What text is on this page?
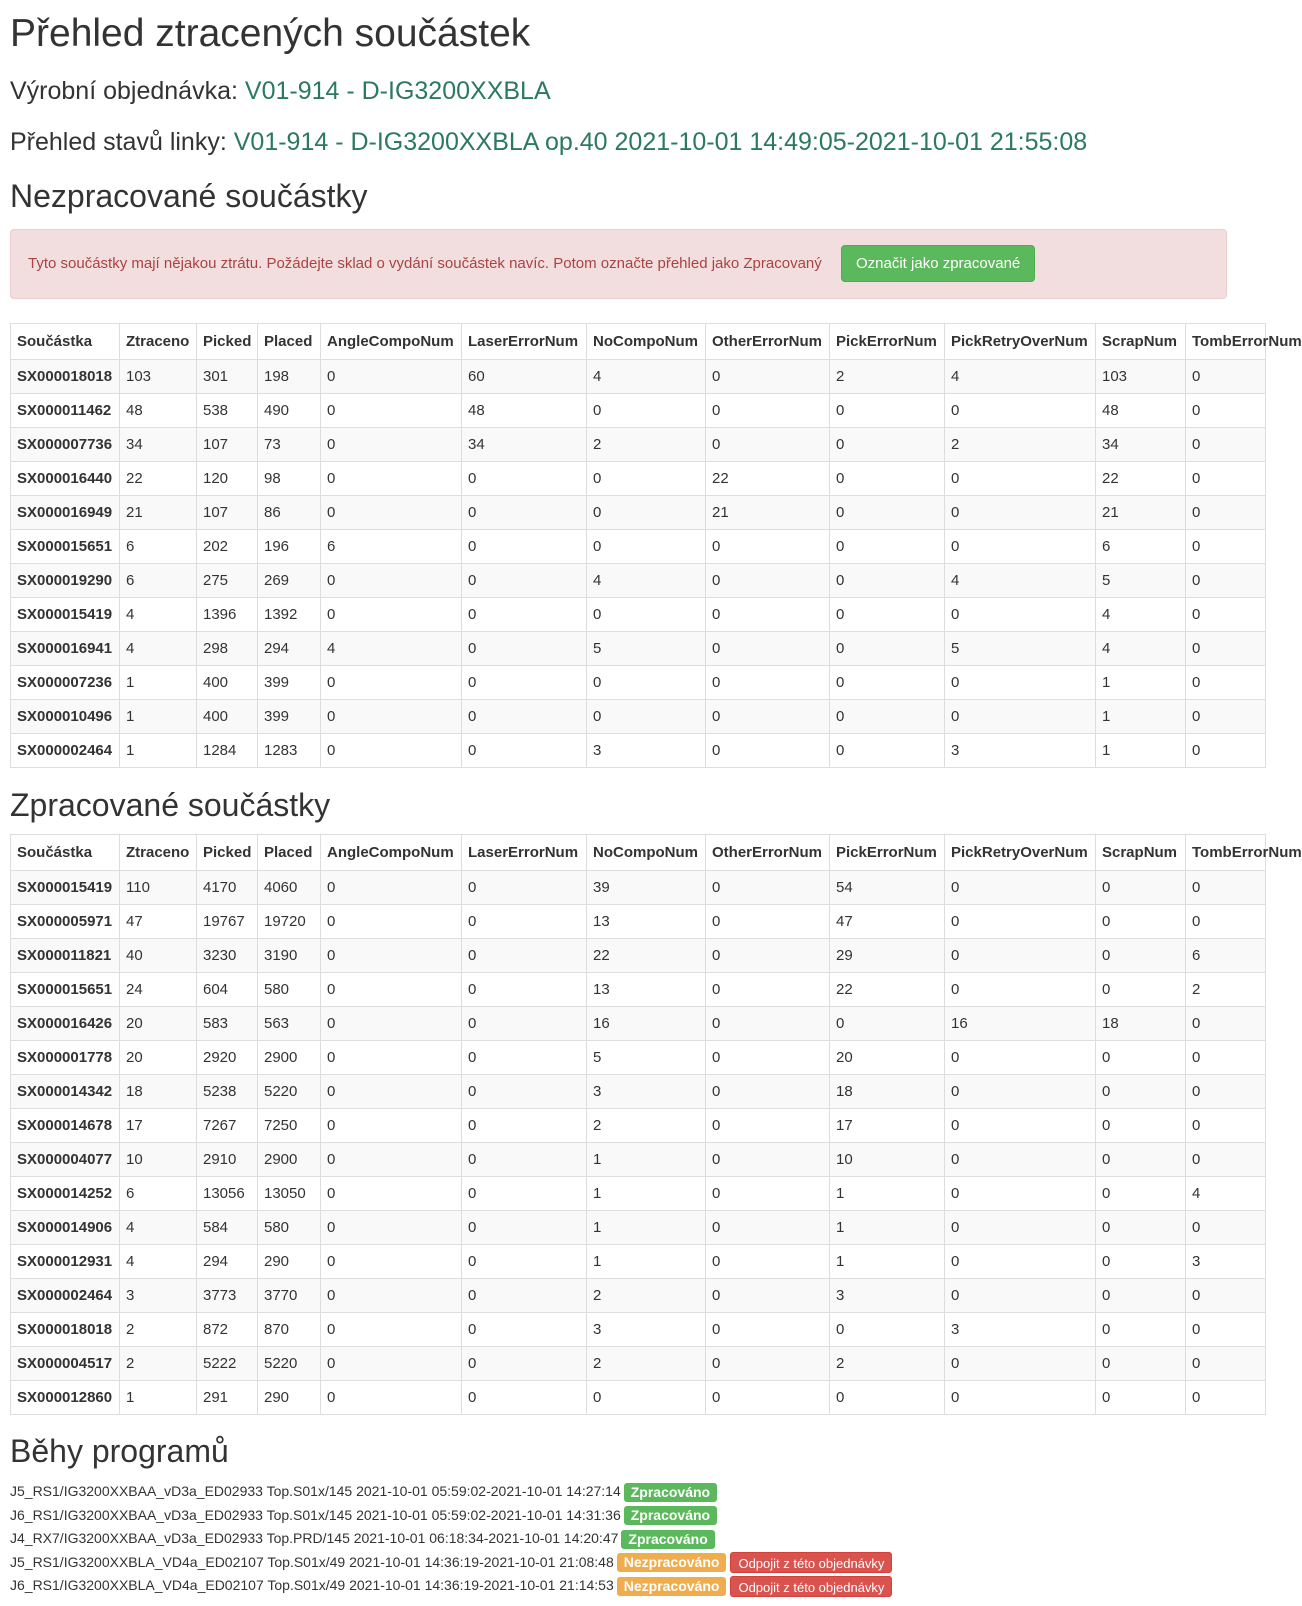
Přehled ztracených součástek

Výrobní objednávka: V01-914 - D-IG3200XXBLA

Přehled stavů linky: V01-914 - D-IG3200XXBLA op.40 2021-10-01 14:49:05-2021-10-01 21:55:08

Nezpracované součástky
Tyto součástky mají nějakou ztrátu. Požádejte sklad o vydání součástek navíc. Potom označte přehled jako Zpracovaný	Označit jako zpracované
Součástka	Ztraceno	Picked	Placed	AngleCompoNum	LaserErrorNum	NoCompoNum	OtherErrorNum	PickErrorNum	PickRetryOverNum	ScrapNum	TombErrorNum
SX000018018	103	301	198	0	60	4	0	2	4	103	0
SX000011462	48	538	490	0	48	0	0	0	0	48	0
SX000007736	34	107	73	0	34	2	0	0	2	34	0
SX000016440	22	120	98	0	0	0	22	0	0	22	0
SX000016949	21	107	86	0	0	0	21	0	0	21	0
SX000015651	6	202	196	6	0	0	0	0	0	6	0
SX000019290	6	275	269	0	0	4	0	0	4	5	0
SX000015419	4	1396	1392	0	0	0	0	0	0	4	0
SX000016941	4	298	294	4	0	5	0	0	5	4	0
SX000007236	1	400	399	0	0	0	0	0	0	1	0
SX000010496	1	400	399	0	0	0	0	0	0	1	0
SX000002464	1	1284	1283	0	0	3	0	0	3	1	0
Zpracované součástky
Součástka	Ztraceno	Picked	Placed	AngleCompoNum	LaserErrorNum	NoCompoNum	OtherErrorNum	PickErrorNum	PickRetryOverNum	ScrapNum	TombErrorNum
SX000015419	110	4170	4060	0	0	39	0	54	0	0	0
SX000005971	47	19767	19720	0	0	13	0	47	0	0	0
SX000011821	40	3230	3190	0	0	22	0	29	0	0	6
SX000015651	24	604	580	0	0	13	0	22	0	0	2
SX000016426	20	583	563	0	0	16	0	0	16	18	0
SX000001778	20	2920	2900	0	0	5	0	20	0	0	0
SX000014342	18	5238	5220	0	0	3	0	18	0	0	0
SX000014678	17	7267	7250	0	0	2	0	17	0	0	0
SX000004077	10	2910	2900	0	0	1	0	10	0	0	0
SX000014252	6	13056	13050	0	0	1	0	1	0	0	4
SX000014906	4	584	580	0	0	1	0	1	0	0	0
SX000012931	4	294	290	0	0	1	0	1	0	0	3
SX000002464	3	3773	3770	0	0	2	0	3	0	0	0
SX000018018	2	872	870	0	0	3	0	0	3	0	0
SX000004517	2	5222	5220	0	0	2	0	2	0	0	0
SX000012860	1	291	290	0	0	0	0	0	0	0	0
Běhy programů
J5_RS1/IG3200XXBAA_vD3a_ED02933 Top.S01x/145 2021-10-01 05:59:02-2021-10-01 14:27:14 Zpracováno
J6_RS1/IG3200XXBAA_vD3a_ED02933 Top.S01x/145 2021-10-01 05:59:02-2021-10-01 14:31:36 Zpracováno
J4_RX7/IG3200XXBAA_vD3a_ED02933 Top.PRD/145 2021-10-01 06:18:34-2021-10-01 14:20:47 Zpracováno
J5_RS1/IG3200XXBLA_VD4a_ED02107 Top.S01x/49 2021-10-01 14:36:19-2021-10-01 21:08:48 Nezpracováno Odpojit z této objednávky
J6_RS1/IG3200XXBLA_VD4a_ED02107 Top.S01x/49 2021-10-01 14:36:19-2021-10-01 21:14:53 Nezpracováno Odpojit z této objednávky
